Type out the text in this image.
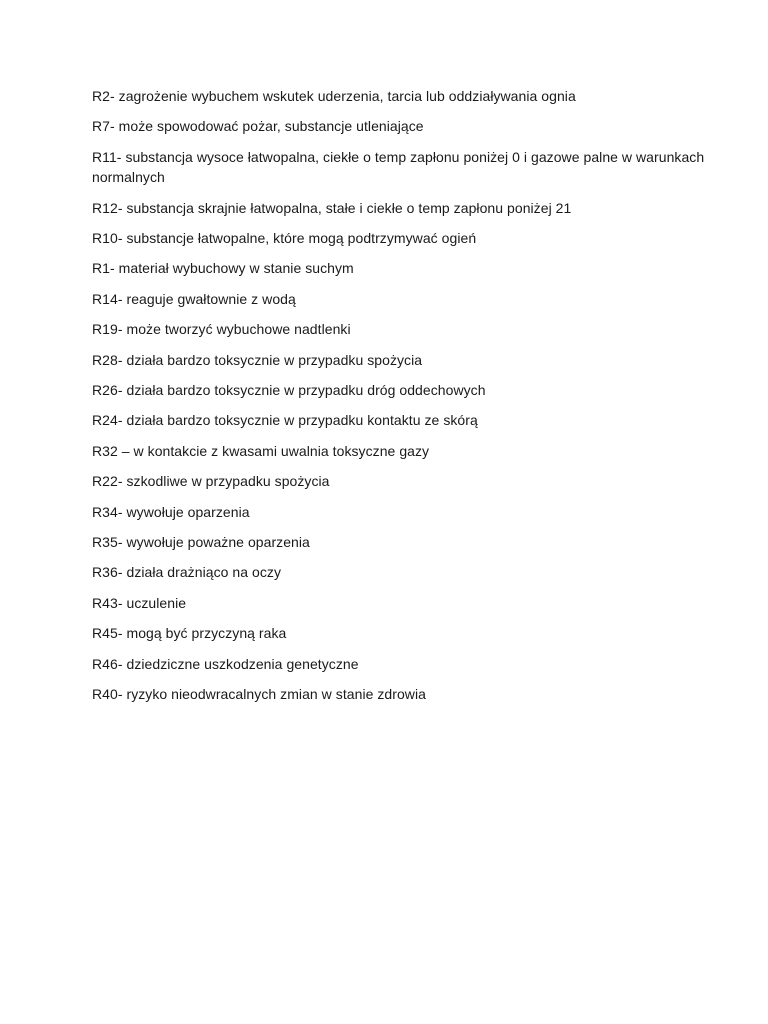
R2- zagrożenie wybuchem wskutek uderzenia, tarcia lub oddziaływania ognia
R7- może spowodować pożar, substancje utleniające
R11- substancja wysoce łatwopalna, ciekłe o temp zapłonu poniżej 0 i gazowe palne w warunkach normalnych
R12- substancja skrajnie łatwopalna, stałe i ciekłe o temp zapłonu poniżej 21
R10- substancje łatwopalne, które mogą podtrzymywać ogień
R1- materiał wybuchowy w stanie suchym
R14- reaguje gwałtownie z wodą
R19- może tworzyć wybuchowe nadtlenki
R28- działa bardzo toksycznie w przypadku spożycia
R26- działa bardzo toksycznie w przypadku dróg oddechowych
R24- działa bardzo toksycznie w przypadku kontaktu ze skórą
R32 – w kontakcie z kwasami uwalnia toksyczne gazy
R22- szkodliwe w przypadku spożycia
R34- wywołuje oparzenia
R35- wywołuje poważne oparzenia
R36- działa drażniąco na oczy
R43- uczulenie
R45- mogą być przyczyną raka
R46- dziedziczne uszkodzenia genetyczne
R40- ryzyko nieodwracalnych zmian w stanie zdrowia
